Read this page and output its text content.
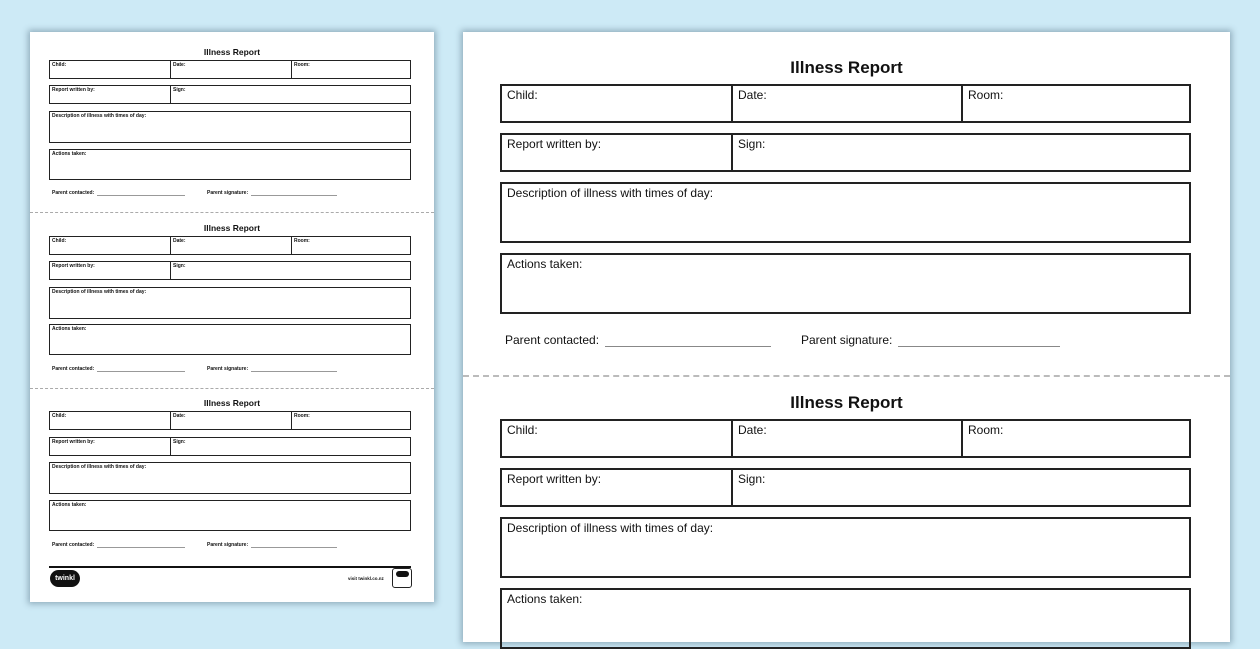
Illness Report
Child:	Date:	Room:
Report written by:	Sign:
Description of illness with times of day:
Actions taken:
Parent contacted:	Parent signature:
Illness Report
Child:	Date:	Room:
Report written by:	Sign:
Description of illness with times of day:
Actions taken:
Parent contacted:	Parent signature:
Illness Report
Child:	Date:	Room:
Report written by:	Sign:
Description of illness with times of day:
Actions taken:
Parent contacted:	Parent signature:
twinkl	visit twinkl.co.nz
Illness Report
Child:	Date:	Room:
Report written by:	Sign:
Description of illness with times of day:
Actions taken:
Parent contacted:	Parent signature:
Illness Report
Child:	Date:	Room:
Report written by:	Sign:
Description of illness with times of day:
Actions taken:
